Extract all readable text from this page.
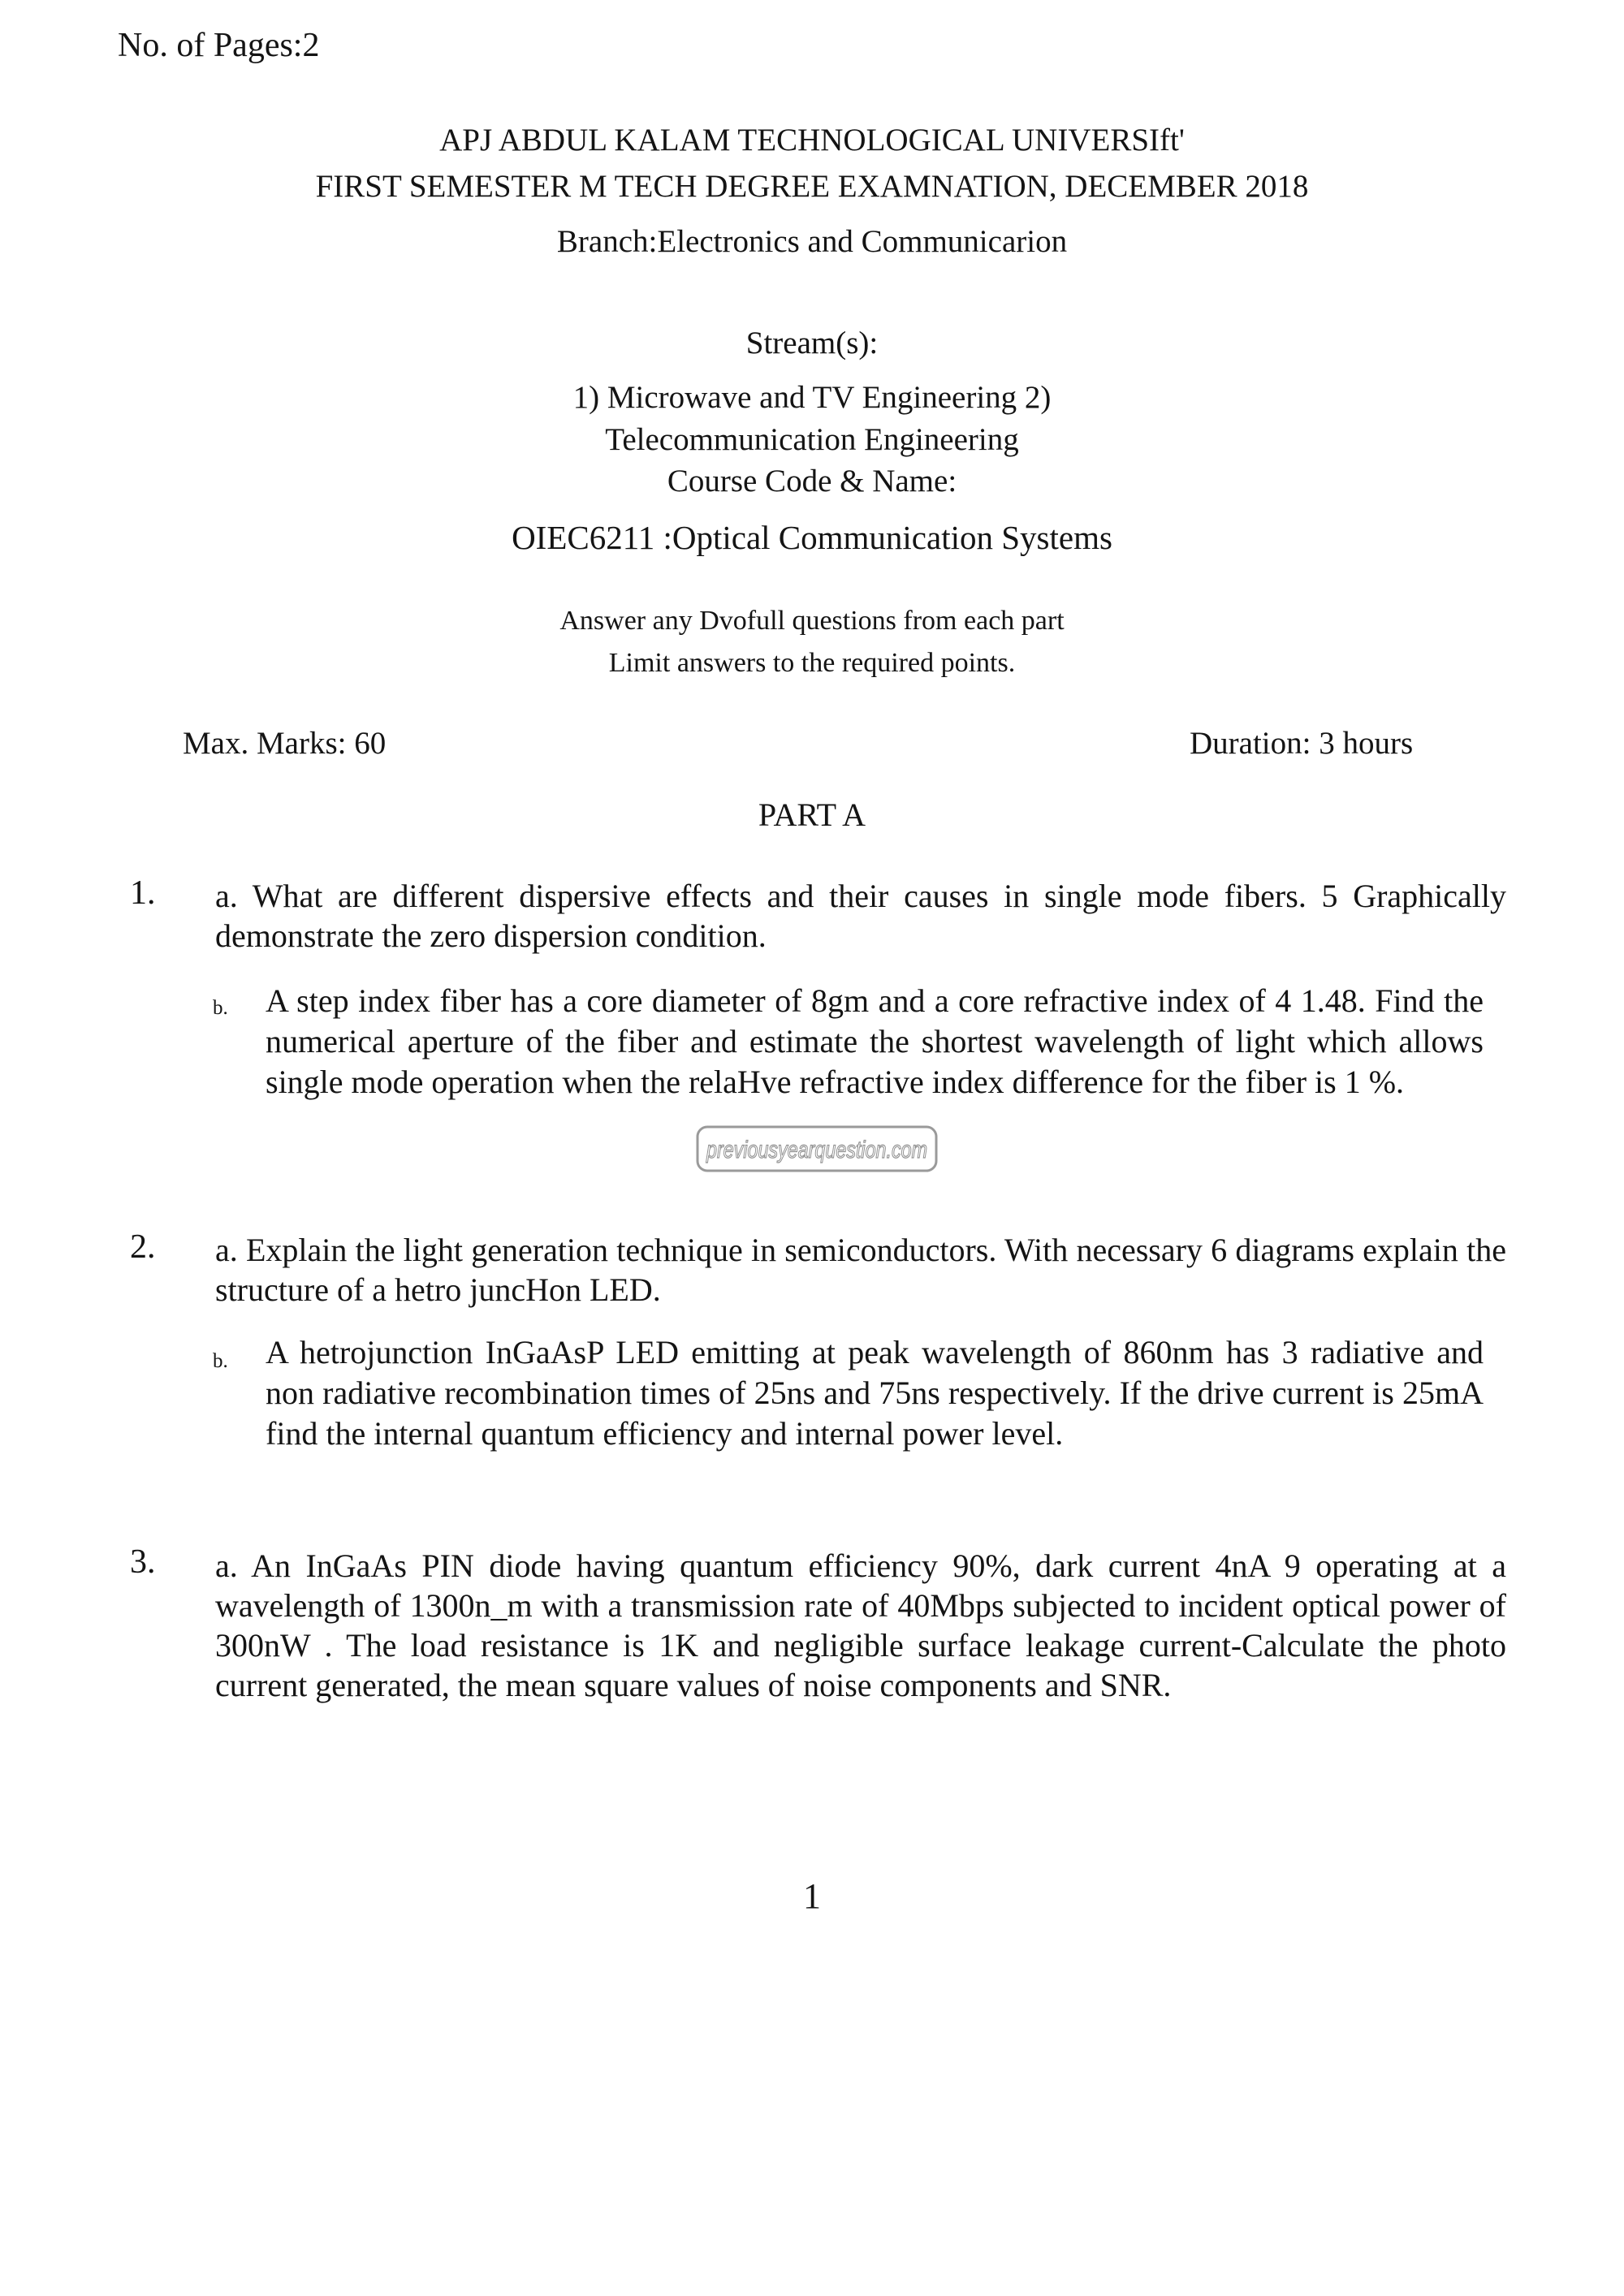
No. of Pages:2
APJ ABDUL KALAM TECHNOLOGICAL UNIVERSIft'
FIRST SEMESTER M TECH DEGREE EXAMNATION, DECEMBER 2018
Branch:Electronics and Communicarion
Stream(s):
1) Microwave and TV Engineering 2)
Telecommunication Engineering
Course Code & Name:
OIEC6211 :Optical Communication Systems
Answer any Dvofull questions from each part
Limit answers to the required points.
Max. Marks: 60	Duration: 3 hours
PART A
1. a. What are different dispersive effects and their causes in single mode fibers. 5 Graphically demonstrate the zero dispersion condition.
b. A step index fiber has a core diameter of 8gm and a core refractive index of 4 1.48. Find the numerical aperture of the fiber and estimate the shortest wavelength of light which allows single mode operation when the relaHve refractive index difference for the fiber is 1 %.
previousyearquestion.com
2. a. Explain the light generation technique in semiconductors. With necessary 6 diagrams explain the structure of a hetro juncHon LED.
b. A hetrojunction InGaAsP LED emitting at peak wavelength of 860nm has 3 radiative and non radiative recombination times of 25ns and 75ns respectively. If the drive current is 25mA find the internal quantum efficiency and internal power level.
3. a. An InGaAs PIN diode having quantum efficiency 90%, dark current 4nA 9 operating at a wavelength of 1300n_m with a transmission rate of 40Mbps subjected to incident optical power of 300nW . The load resistance is 1K and negligible surface leakage current-Calculate the photo current generated, the mean square values of noise components and SNR.
1
